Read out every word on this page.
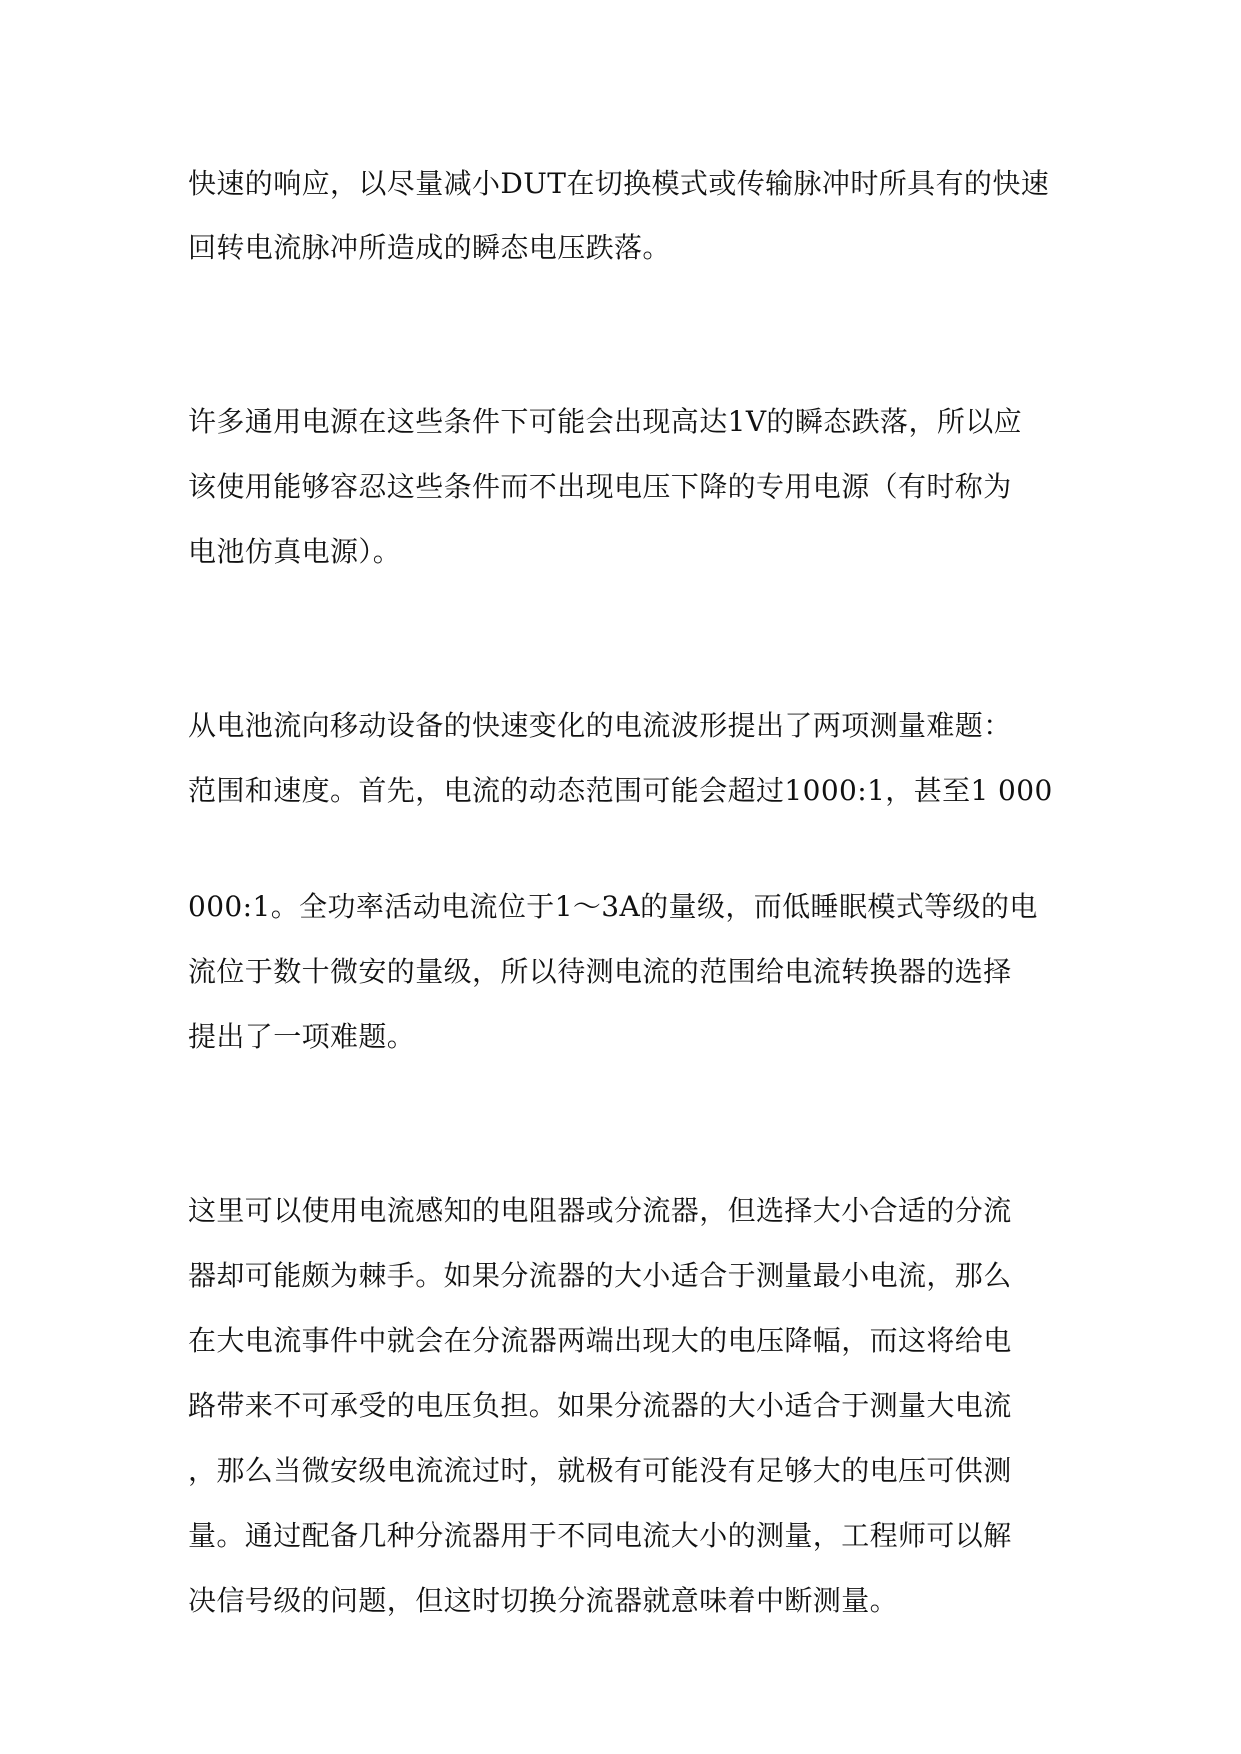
快速的响应，以尽量减小DUT在切换模式或传输脉冲时所具有的快速
回转电流脉冲所造成的瞬态电压跌落。
许多通用电源在这些条件下可能会出现高达1V的瞬态跌落，所以应
该使用能够容忍这些条件而不出现电压下降的专用电源（有时称为
电池仿真电源）。
从电池流向移动设备的快速变化的电流波形提出了两项测量难题：
范围和速度。首先，电流的动态范围可能会超过1000:1，甚至1 000
000:1。全功率活动电流位于1～3A的量级，而低睡眠模式等级的电
流位于数十微安的量级，所以待测电流的范围给电流转换器的选择
提出了一项难题。
这里可以使用电流感知的电阻器或分流器，但选择大小合适的分流
器却可能颇为棘手。如果分流器的大小适合于测量最小电流，那么
在大电流事件中就会在分流器两端出现大的电压降幅，而这将给电
路带来不可承受的电压负担。如果分流器的大小适合于测量大电流
，那么当微安级电流流过时，就极有可能没有足够大的电压可供测
量。通过配备几种分流器用于不同电流大小的测量，工程师可以解
决信号级的问题，但这时切换分流器就意味着中断测量。
